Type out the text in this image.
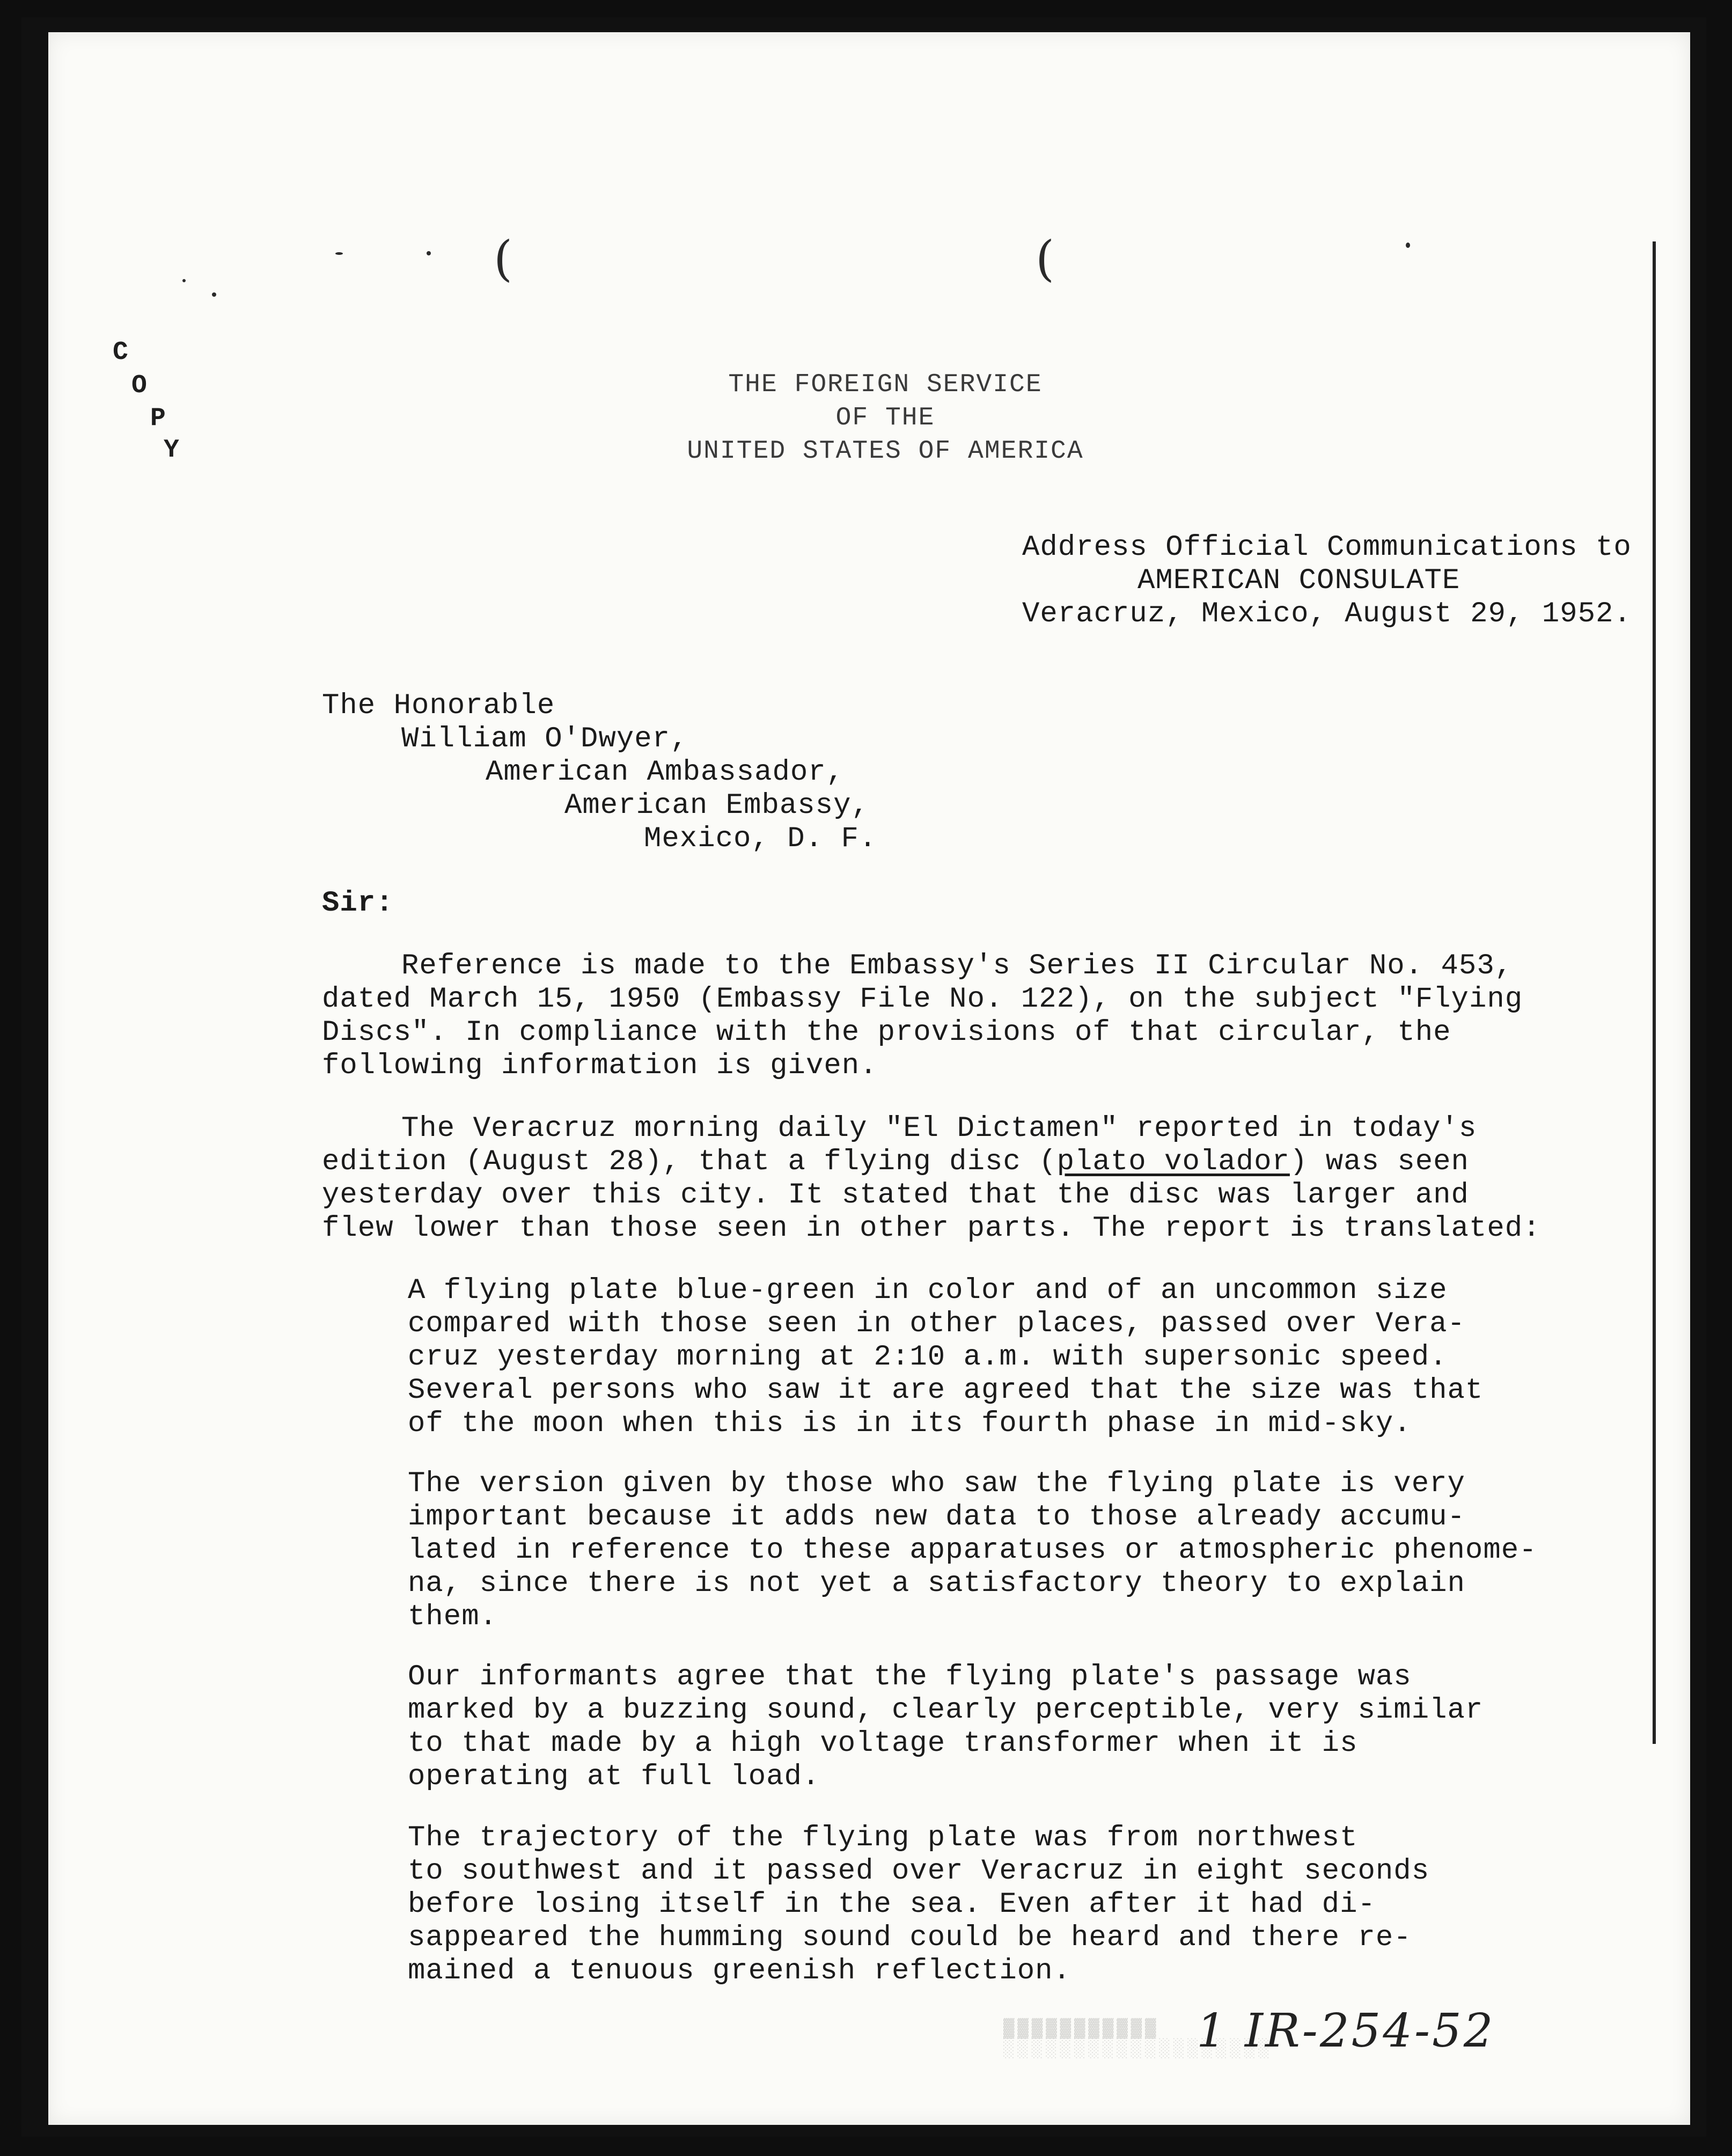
(	(
C
O
P
Y
THE FOREIGN SERVICE
OF THE
UNITED STATES OF AMERICA
Address Official Communications to
AMERICAN CONSULATE
Veracruz, Mexico, August 29, 1952.
The Honorable
William O'Dwyer,
American Ambassador,
American Embassy,
Mexico, D. F.
Sir:
Reference is made to the Embassy's Series II Circular No. 453,
dated March 15, 1950 (Embassy File No. 122), on the subject "Flying
Discs". In compliance with the provisions of that circular, the
following information is given.
The Veracruz morning daily "El Dictamen" reported in today's
edition (August 28), that a flying disc (plato volador) was seen
yesterday over this city. It stated that the disc was larger and
flew lower than those seen in other parts. The report is translated:
A flying plate blue-green in color and of an uncommon size
compared with those seen in other places, passed over Vera-
cruz yesterday morning at 2:10 a.m. with supersonic speed.
Several persons who saw it are agreed that the size was that
of the moon when this is in its fourth phase in mid-sky.
The version given by those who saw the flying plate is very
important because it adds new data to those already accumu-
lated in reference to these apparatuses or atmospheric phenome-
na, since there is not yet a satisfactory theory to explain
them.
Our informants agree that the flying plate's passage was
marked by a buzzing sound, clearly perceptible, very similar
to that made by a high voltage transformer when it is
operating at full load.
The trajectory of the flying plate was from northwest
to southwest and it passed over Veracruz in eight seconds
before losing itself in the sea. Even after it had di-
sappeared the humming sound could be heard and there re-
mained a tenuous greenish reflection.
▓▓▓▓▓▓▓▓▓▓▓
░░░░░░░░░░░░░░░░░░░
1 IR-254-52
